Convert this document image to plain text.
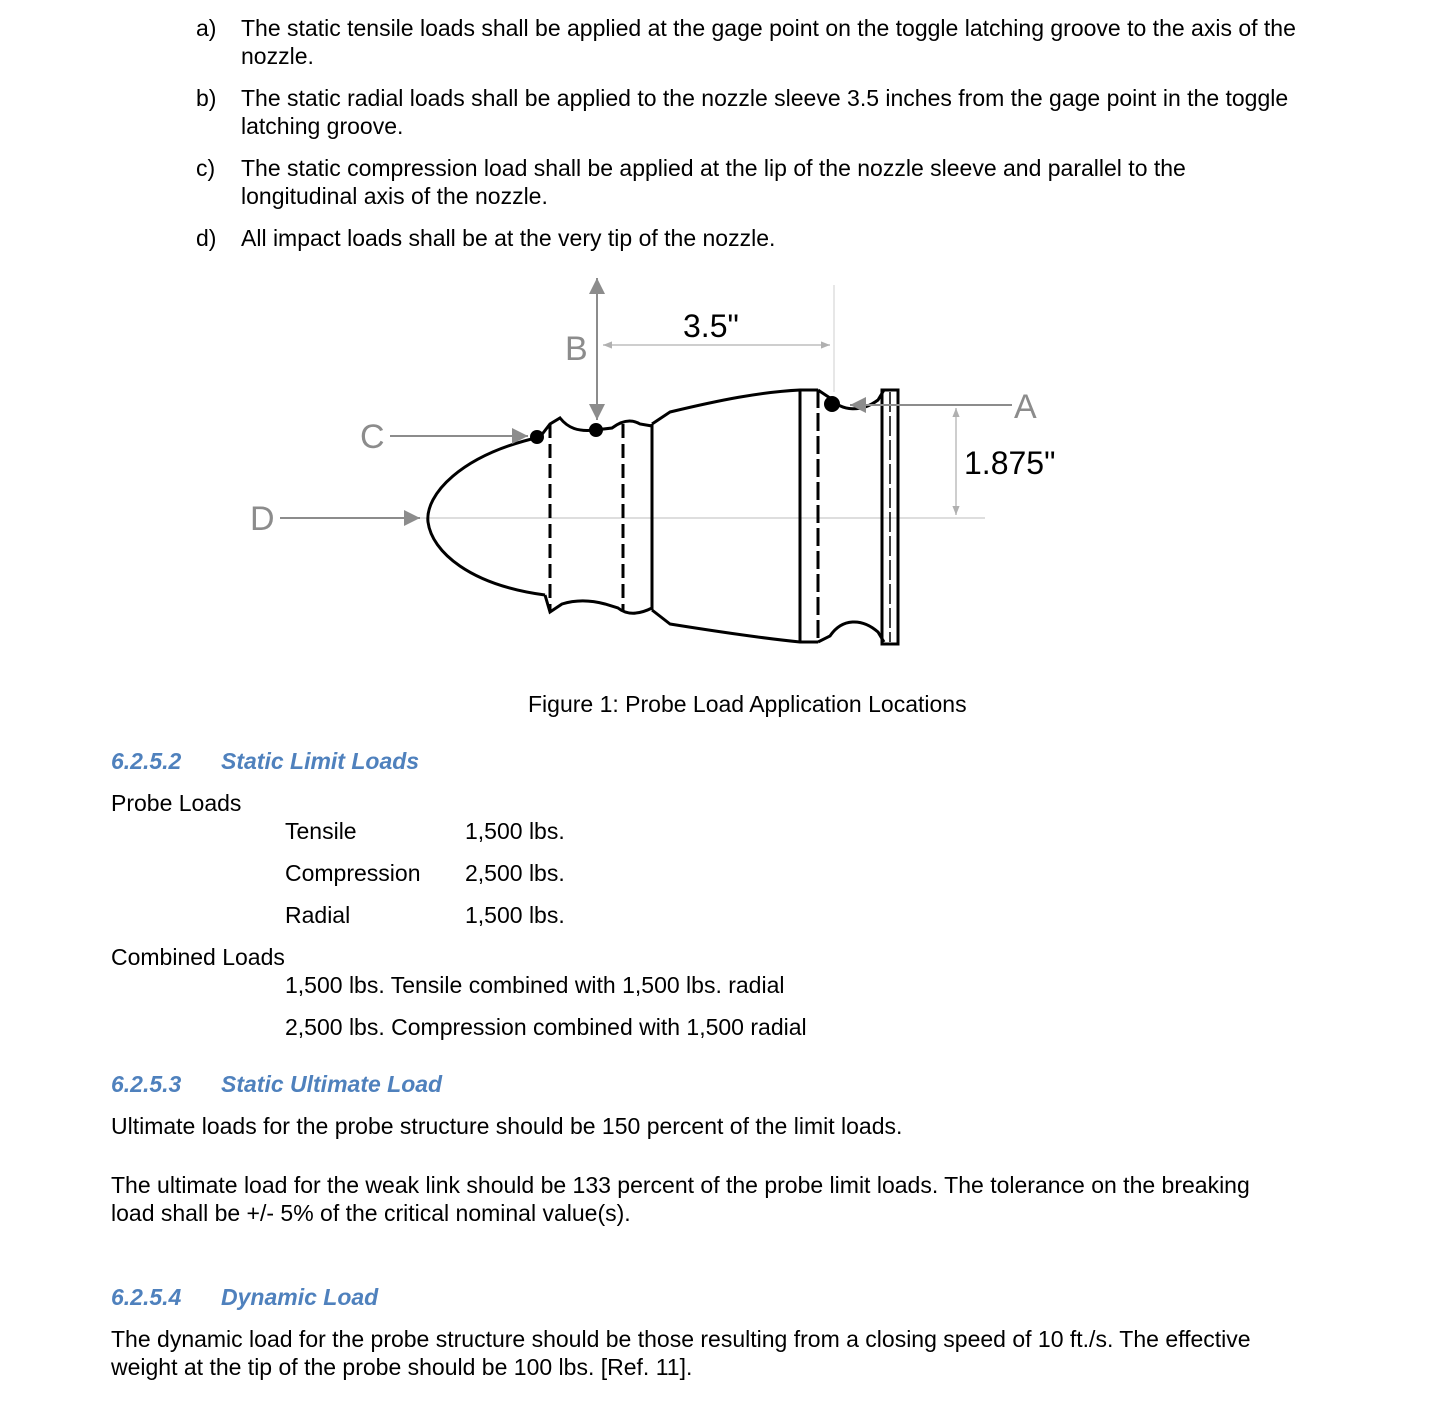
a) The static tensile loads shall be applied at the gage point on the toggle latching groove to the axis of the nozzle.
b) The static radial loads shall be applied to the nozzle sleeve 3.5 inches from the gage point in the toggle latching groove.
c) The static compression load shall be applied at the lip of the nozzle sleeve and parallel to the longitudinal axis of the nozzle.
d) All impact loads shall be at the very tip of the nozzle.
B
3.5"
A
1.875"
C
D
Figure 1: Probe Load Application Locations
6.2.5.2 Static Limit Loads
Probe Loads
Tensile	1,500 lbs.
Compression 2,500 lbs.
Radial	1,500 lbs.
Combined Loads
1,500 lbs. Tensile combined with 1,500 lbs. radial
2,500 lbs. Compression combined with 1,500 radial
6.2.5.3 Static Ultimate Load
Ultimate loads for the probe structure should be 150 percent of the limit loads.
The ultimate load for the weak link should be 133 percent of the probe limit loads. The tolerance on the breaking load shall be +/- 5% of the critical nominal value(s).
6.2.5.4 Dynamic Load
The dynamic load for the probe structure should be those resulting from a closing speed of 10 ft./s. The effective weight at the tip of the probe should be 100 lbs. [Ref. 11].
